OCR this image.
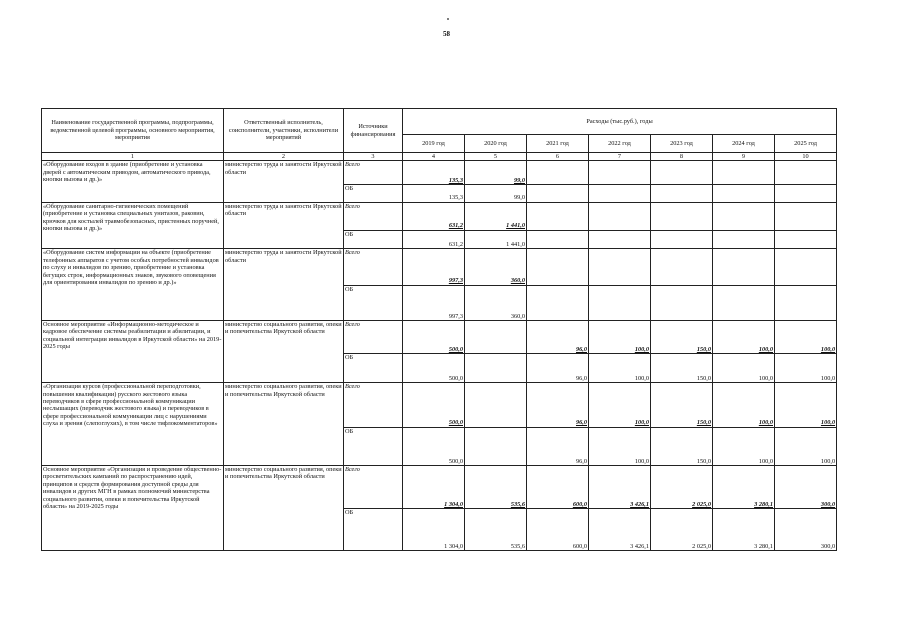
58
Наименование государственной программы, подпрограммы, ведомственной целевой программы, основного мероприятия, мероприятия	Ответственный исполнитель, соисполнители, участники, исполнители мероприятий	Источники финансирования	Расходы (тыс.руб.), годы						
			2019 год	2020 год	2021 год	2022 год	2023 год	2024 год	2025 год
1	2	3	4	5	6	7	8	9	10
«Оборудование входов в здание (приобретение и установка дверей с автоматическим приводом, автоматического привода, кнопки вызова и др.)»	министерство труда и занятости Иркутской области	Всего	135,3	99,0					
		ОБ	135,3	99,0					
«Оборудование санитарно-гигиенических помещений (приобретение и установка специальных унитазов, раковин, крючков для костылей травмобезопасных, пристенных поручней, кнопки вызова и др.)»	министерство труда и занятости Иркутской области	Всего	631,2	1 441,0					
		ОБ	631,2	1 441,0					
«Оборудование систем информации на объекте (приобретение телефонных аппаратов с учетом особых потребностей инвалидов по слуху и инвалидов по зрению, приобретение и установка бегущих строк, информационных знаков, звукового оповещения для ориентирования инвалидов по зрению и др.)»	министерство труда и занятости Иркутской области	Всего	997,3	360,0					
		ОБ	997,3	360,0					
Основное мероприятие «Информационно-методическое и кадровое обеспечение системы реабилитации и абилитации, и социальной интеграции инвалидов в Иркутской области» на 2019-2025 годы	министерство социального развития, опеки и попечительства Иркутской области	Всего	500,0		96,0	100,0	150,0	100,0	100,0
		ОБ	500,0		96,0	100,0	150,0	100,0	100,0
«Организация курсов (профессиональной переподготовки, повышения квалификации) русского жестового языка переводчиков в сфере профессиональной коммуникации неслышащих (переводчик жестового языка) и переводчиков в сфере профессиональной коммуникации лиц с нарушениями слуха и зрения (слепоглухих), в том числе тифлокомментаторов»	министерство социального развития, опеки и попечительства Иркутской области	Всего	500,0		96,0	100,0	150,0	100,0	100,0
		ОБ	500,0		96,0	100,0	150,0	100,0	100,0
Основное мероприятие «Организация и проведение общественно-просветительских кампаний по распространению идей, принципов и средств формирования доступной среды для инвалидов и других МГН в рамках полномочий министерства социального развития, опеки и попечительства Иркутской области» на 2019-2025 годы	министерство социального развития, опеки и попечительства Иркутской области	Всего	1 304,0	535,6	600,0	3 426,1	2 025,0	3 280,1	300,0
		ОБ	1 304,0	535,6	600,0	3 426,1	2 025,0	3 280,1	300,0
